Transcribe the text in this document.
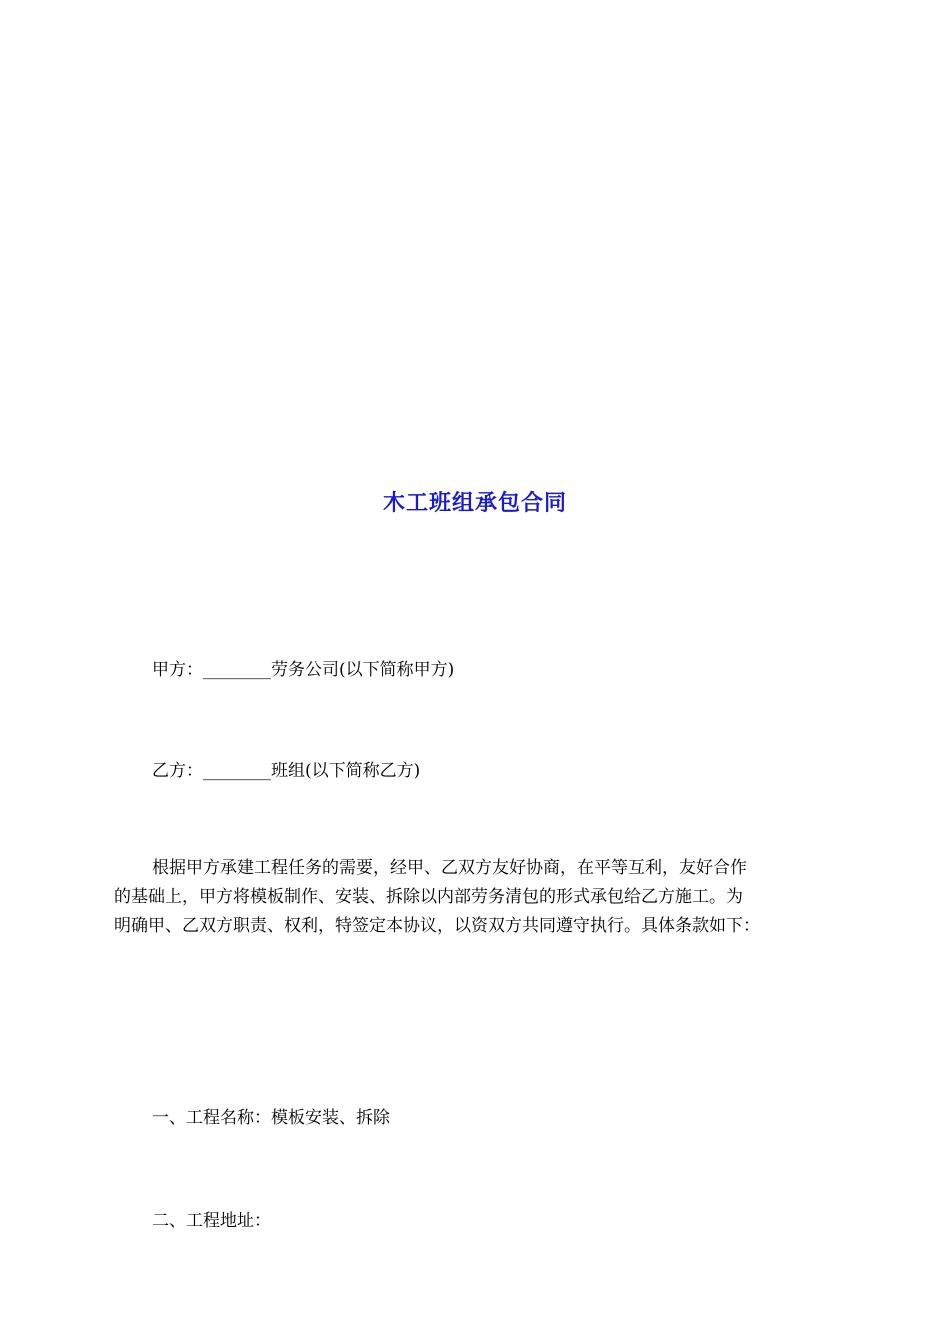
木工班组承包合同
甲方：________劳务公司(以下简称甲方)
乙方：________班组(以下简称乙方)
根据甲方承建工程任务的需要，经甲、乙双方友好协商，在平等互利，友好合作
的基础上，甲方将模板制作、安装、拆除以内部劳务清包的形式承包给乙方施工。为
明确甲、乙双方职责、权利，特签定本协议，以资双方共同遵守执行。具体条款如下：
一、工程名称：模板安装、拆除
二、工程地址：
